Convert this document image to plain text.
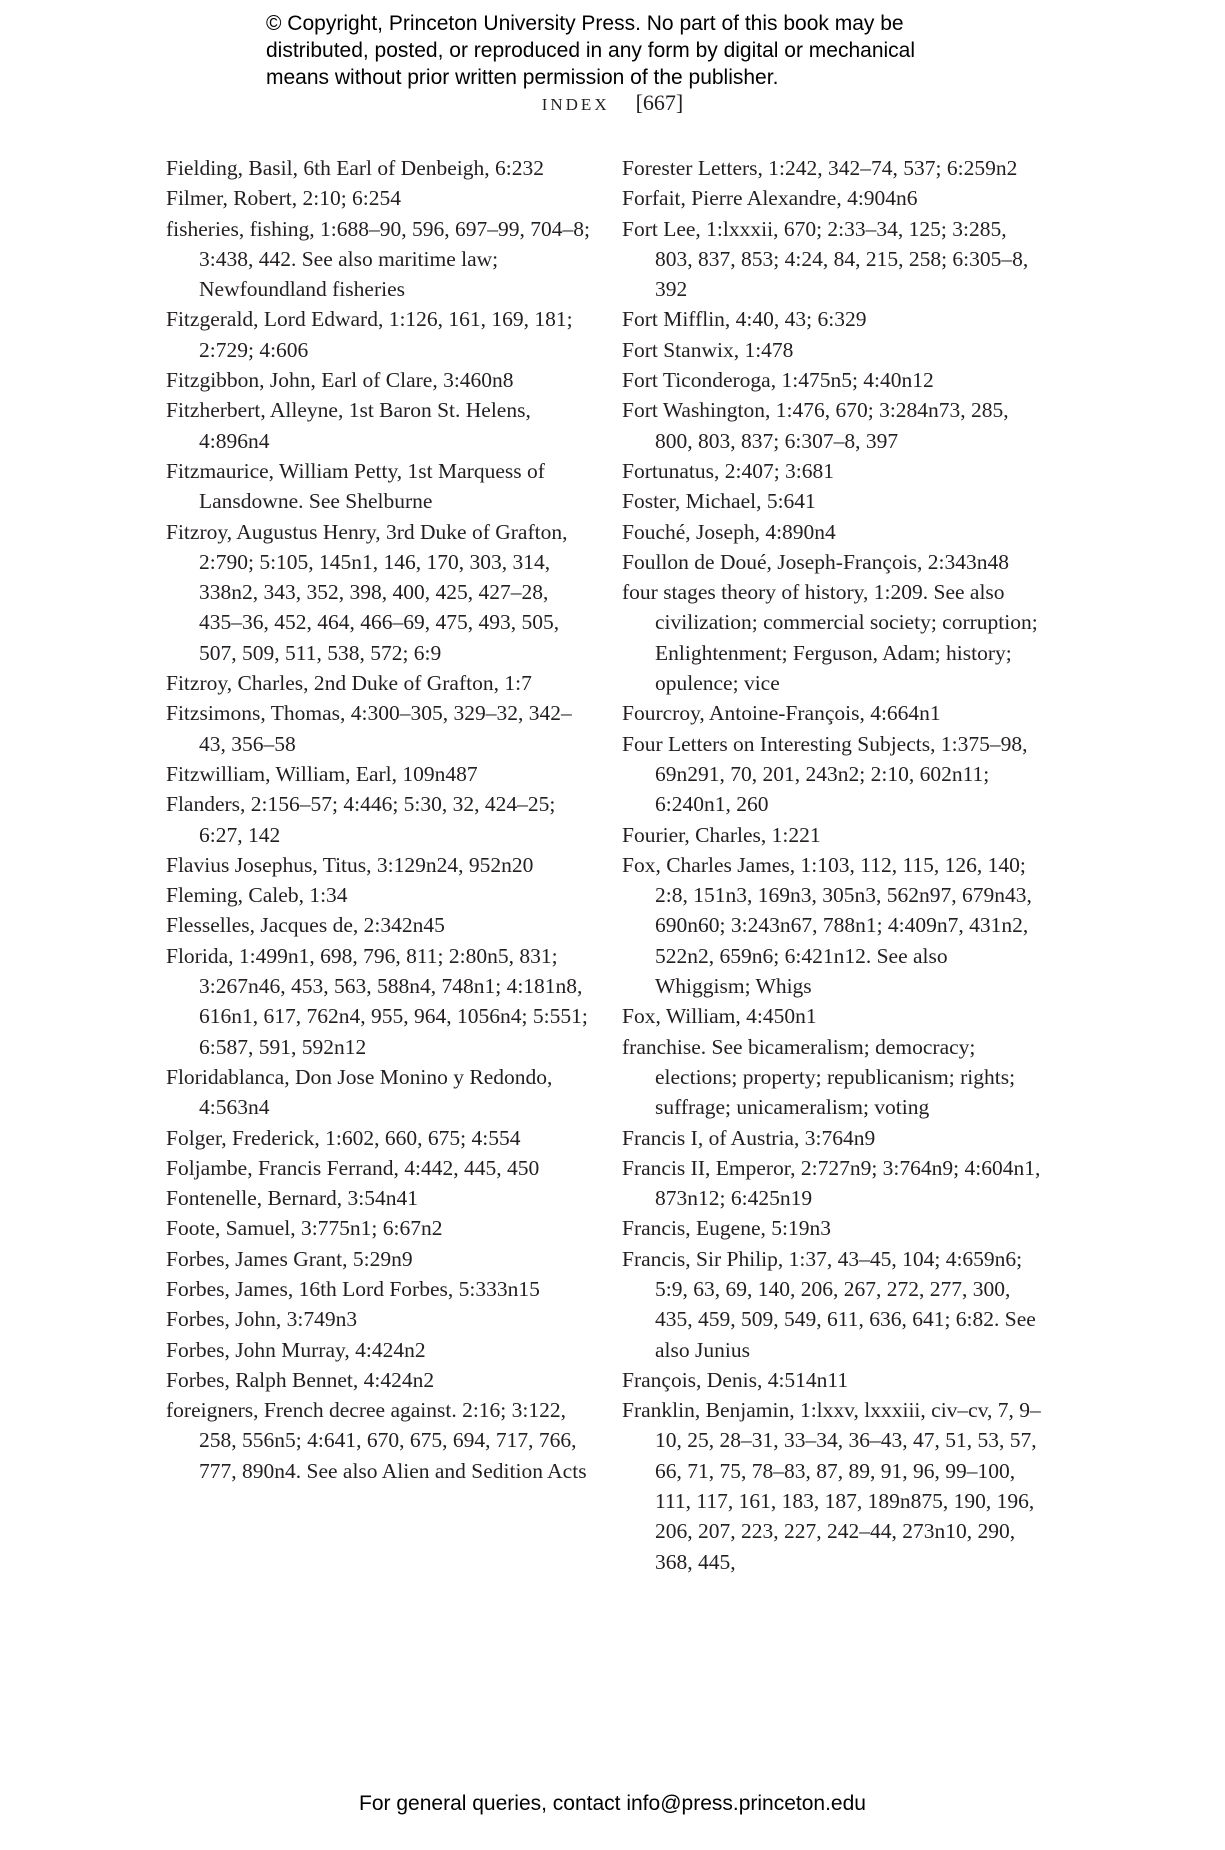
© Copyright, Princeton University Press. No part of this book may be
distributed, posted, or reproduced in any form by digital or mechanical
means without prior written permission of the publisher.
INDEX [667]

Fielding, Basil, 6th Earl of Denbeigh, 6:232

Filmer, Robert, 2:10; 6:254

fisheries, fishing, 1:688–90, 596, 697–99, 704–8; 3:438, 442. See also maritime law; Newfoundland fisheries

Fitzgerald, Lord Edward, 1:126, 161, 169, 181; 2:729; 4:606

Fitzgibbon, John, Earl of Clare, 3:460n8

Fitzherbert, Alleyne, 1st Baron St. Helens, 4:896n4

Fitzmaurice, William Petty, 1st Marquess of Lansdowne. See Shelburne

Fitzroy, Augustus Henry, 3rd Duke of Grafton, 2:790; 5:105, 145n1, 146, 170, 303, 314, 338n2, 343, 352, 398, 400, 425, 427–28, 435–36, 452, 464, 466–69, 475, 493, 505, 507, 509, 511, 538, 572; 6:9

Fitzroy, Charles, 2nd Duke of Grafton, 1:7

Fitzsimons, Thomas, 4:300–305, 329–32, 342–43, 356–58

Fitzwilliam, William, Earl, 109n487

Flanders, 2:156–57; 4:446; 5:30, 32, 424–25; 6:27, 142

Flavius Josephus, Titus, 3:129n24, 952n20

Fleming, Caleb, 1:34

Flesselles, Jacques de, 2:342n45

Florida, 1:499n1, 698, 796, 811; 2:80n5, 831; 3:267n46, 453, 563, 588n4, 748n1; 4:181n8, 616n1, 617, 762n4, 955, 964, 1056n4; 5:551; 6:587, 591, 592n12

Floridablanca, Don Jose Monino y Redondo, 4:563n4

Folger, Frederick, 1:602, 660, 675; 4:554

Foljambe, Francis Ferrand, 4:442, 445, 450

Fontenelle, Bernard, 3:54n41

Foote, Samuel, 3:775n1; 6:67n2

Forbes, James Grant, 5:29n9

Forbes, James, 16th Lord Forbes, 5:333n15

Forbes, John, 3:749n3

Forbes, John Murray, 4:424n2

Forbes, Ralph Bennet, 4:424n2

foreigners, French decree against. 2:16; 3:122, 258, 556n5; 4:641, 670, 675, 694, 717, 766, 777, 890n4. See also Alien and Sedition Acts

Forester Letters, 1:242, 342–74, 537; 6:259n2

Forfait, Pierre Alexandre, 4:904n6

Fort Lee, 1:lxxxii, 670; 2:33–34, 125; 3:285, 803, 837, 853; 4:24, 84, 215, 258; 6:305–8, 392

Fort Mifflin, 4:40, 43; 6:329

Fort Stanwix, 1:478

Fort Ticonderoga, 1:475n5; 4:40n12

Fort Washington, 1:476, 670; 3:284n73, 285, 800, 803, 837; 6:307–8, 397

Fortunatus, 2:407; 3:681

Foster, Michael, 5:641

Fouché, Joseph, 4:890n4

Foullon de Doué, Joseph-François, 2:343n48

four stages theory of history, 1:209. See also civilization; commercial society; corruption; Enlightenment; Ferguson, Adam; history; opulence; vice

Fourcroy, Antoine-François, 4:664n1

Four Letters on Interesting Subjects, 1:375–98, 69n291, 70, 201, 243n2; 2:10, 602n11; 6:240n1, 260

Fourier, Charles, 1:221

Fox, Charles James, 1:103, 112, 115, 126, 140; 2:8, 151n3, 169n3, 305n3, 562n97, 679n43, 690n60; 3:243n67, 788n1; 4:409n7, 431n2, 522n2, 659n6; 6:421n12. See also Whiggism; Whigs

Fox, William, 4:450n1

franchise. See bicameralism; democracy; elections; property; republicanism; rights; suffrage; unicameralism; voting

Francis I, of Austria, 3:764n9

Francis II, Emperor, 2:727n9; 3:764n9; 4:604n1, 873n12; 6:425n19

Francis, Eugene, 5:19n3

Francis, Sir Philip, 1:37, 43–45, 104; 4:659n6; 5:9, 63, 69, 140, 206, 267, 272, 277, 300, 435, 459, 509, 549, 611, 636, 641; 6:82. See also Junius

François, Denis, 4:514n11

Franklin, Benjamin, 1:lxxv, lxxxiii, civ–cv, 7, 9–10, 25, 28–31, 33–34, 36–43, 47, 51, 53, 57, 66, 71, 75, 78–83, 87, 89, 91, 96, 99–100, 111, 117, 161, 183, 187, 189n875, 190, 196, 206, 207, 223, 227, 242–44, 273n10, 290, 368, 445,

For general queries, contact info@press.princeton.edu
